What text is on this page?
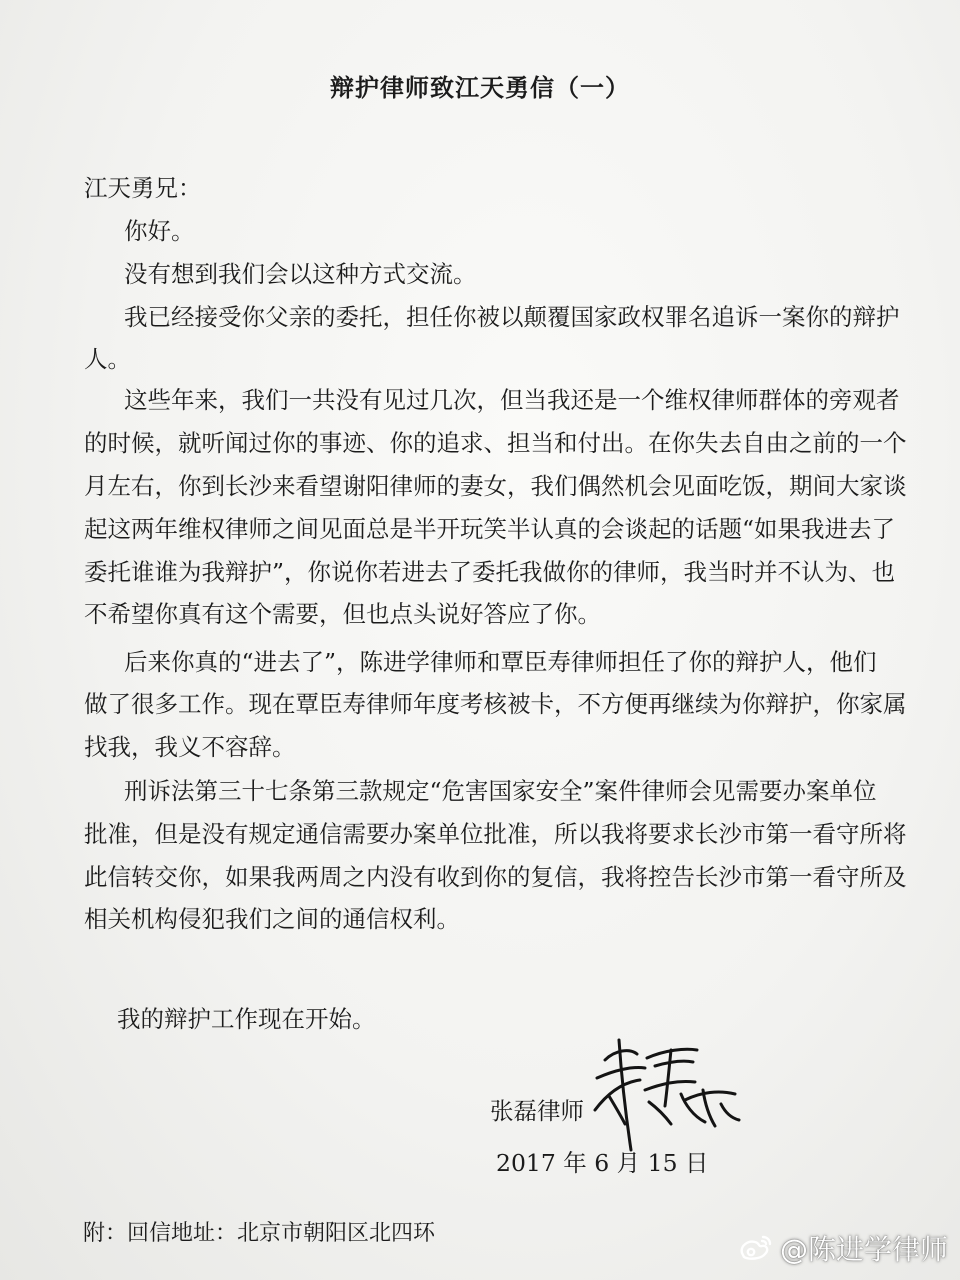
辩护律师致江天勇信（一）
江天勇兄：
你好。
没有想到我们会以这种方式交流。
我已经接受你父亲的委托，担任你被以颠覆国家政权罪名追诉一案你的辩护
人。
这些年来，我们一共没有见过几次，但当我还是一个维权律师群体的旁观者
的时候，就听闻过你的事迹、你的追求、担当和付出。在你失去自由之前的一个
月左右，你到长沙来看望谢阳律师的妻女，我们偶然机会见面吃饭，期间大家谈
起这两年维权律师之间见面总是半开玩笑半认真的会谈起的话题“如果我进去了
委托谁谁为我辩护”，你说你若进去了委托我做你的律师，我当时并不认为、也
不希望你真有这个需要，但也点头说好答应了你。
后来你真的“进去了”，陈进学律师和覃臣寿律师担任了你的辩护人，他们
做了很多工作。现在覃臣寿律师年度考核被卡，不方便再继续为你辩护，你家属
找我，我义不容辞。
刑诉法第三十七条第三款规定“危害国家安全”案件律师会见需要办案单位
批准，但是没有规定通信需要办案单位批准，所以我将要求长沙市第一看守所将
此信转交你，如果我两周之内没有收到你的复信，我将控告长沙市第一看守所及
相关机构侵犯我们之间的通信权利。
我的辩护工作现在开始。
张磊律师
2017 年 6 月 15 日
附：回信地址：北京市朝阳区北四环	@陈进学律师
